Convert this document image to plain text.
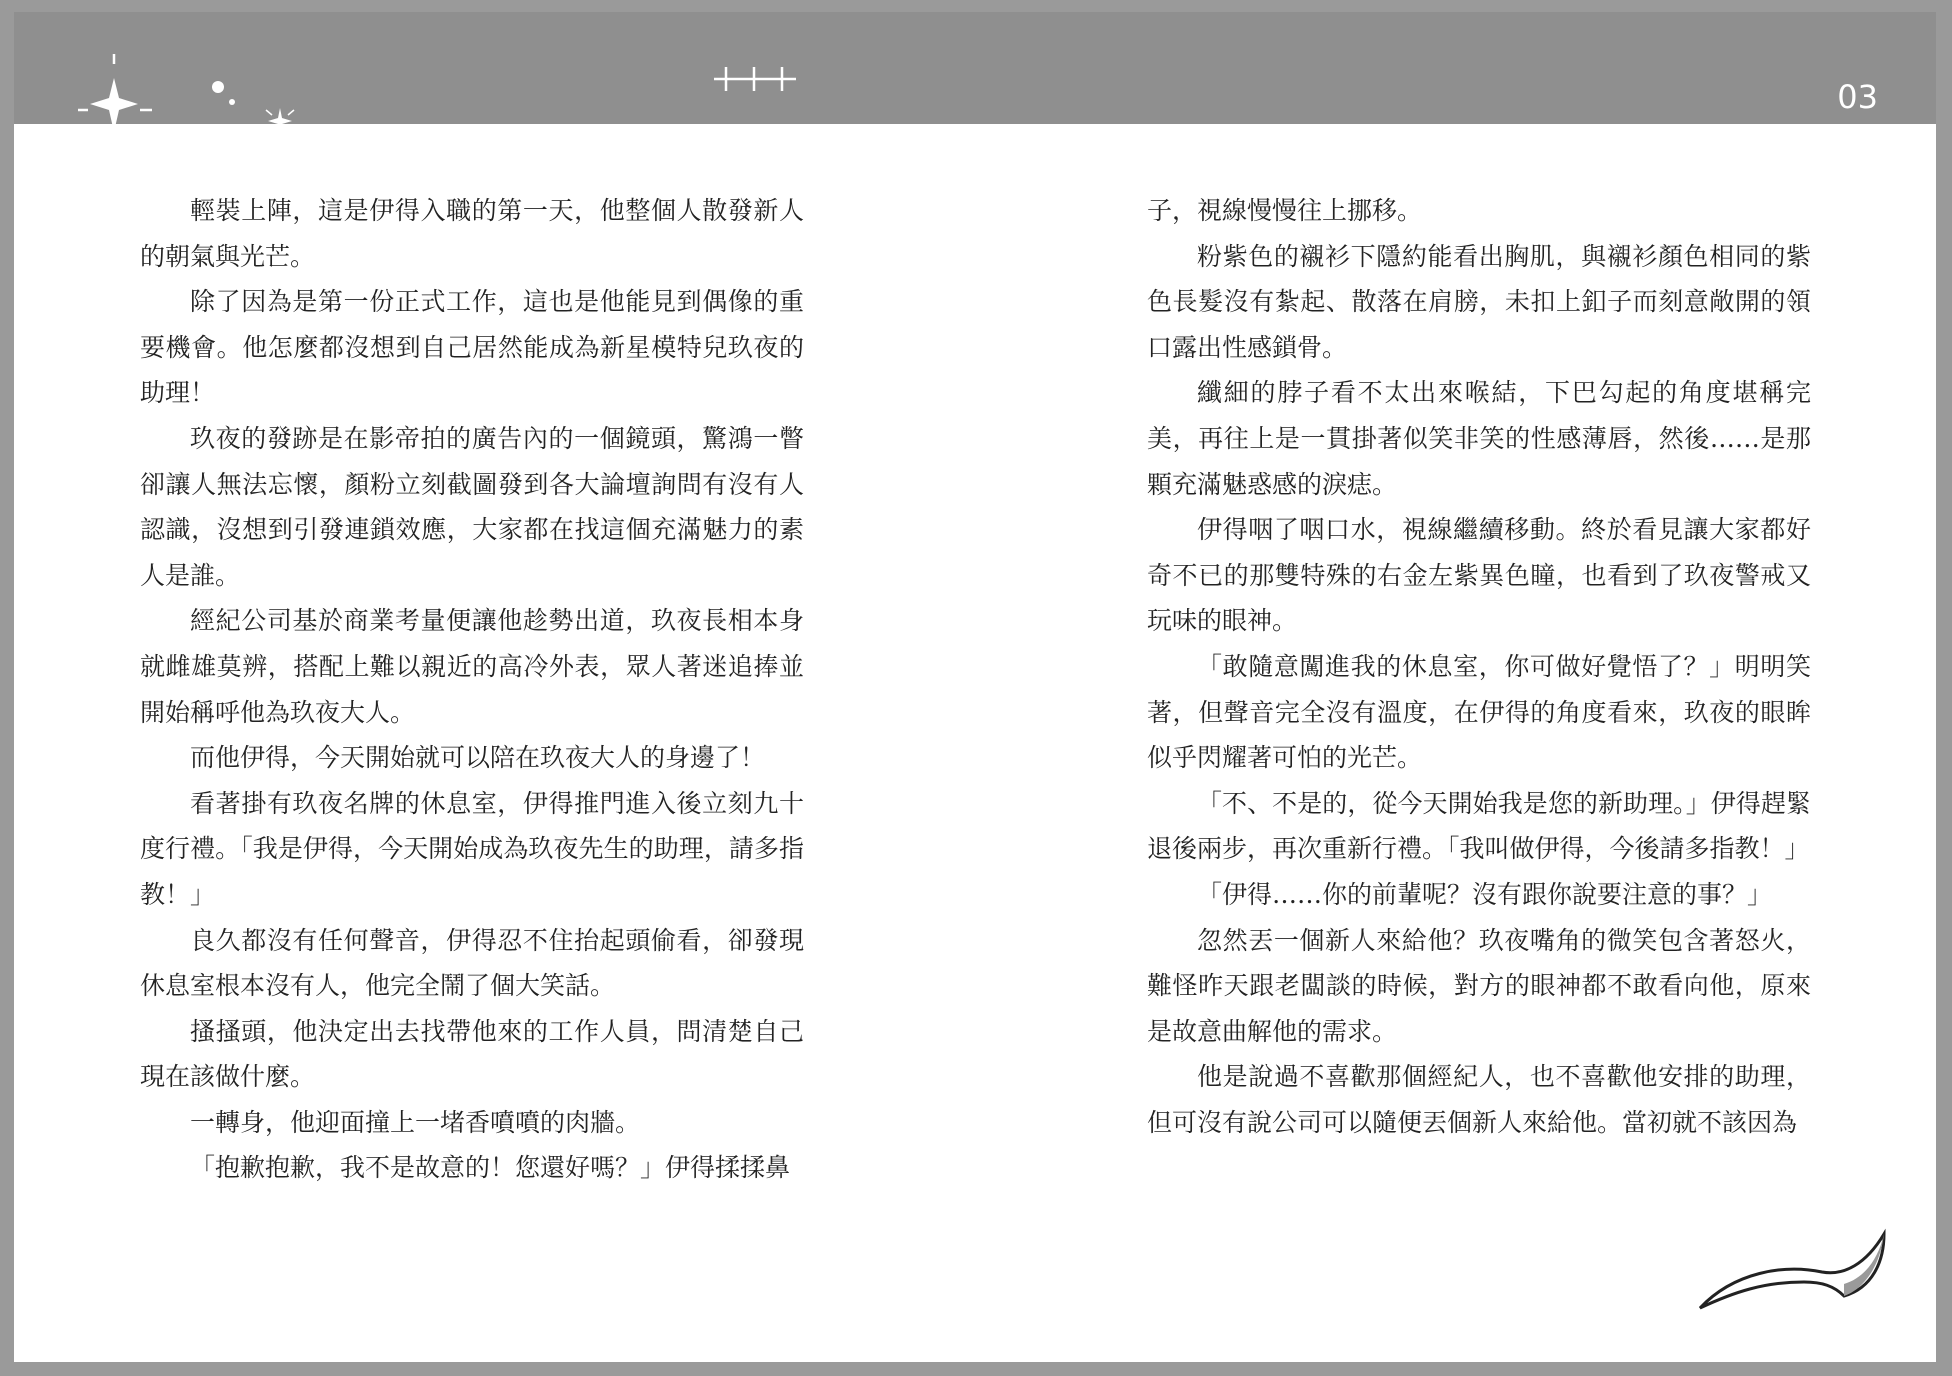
03

輕裝上陣，這是伊得入職的第一天，他整個人散發新人的朝氣與光芒。

除了因為是第一份正式工作，這也是他能見到偶像的重要機會。他怎麼都沒想到自己居然能成為新星模特兒玖夜的助理！

玖夜的發跡是在影帝拍的廣告內的一個鏡頭，驚鴻一瞥卻讓人無法忘懷，顏粉立刻截圖發到各大論壇詢問有沒有人認識，沒想到引發連鎖效應，大家都在找這個充滿魅力的素人是誰。

經紀公司基於商業考量便讓他趁勢出道，玖夜長相本身就雌雄莫辨，搭配上難以親近的高冷外表，眾人著迷追捧並開始稱呼他為玖夜大人。

而他伊得，今天開始就可以陪在玖夜大人的身邊了！

看著掛有玖夜名牌的休息室，伊得推門進入後立刻九十度行禮。「我是伊得，今天開始成為玖夜先生的助理，請多指教！」

良久都沒有任何聲音，伊得忍不住抬起頭偷看，卻發現休息室根本沒有人，他完全鬧了個大笑話。

搔搔頭，他決定出去找帶他來的工作人員，問清楚自己現在該做什麼。

一轉身，他迎面撞上一堵香噴噴的肉牆。

「抱歉抱歉，我不是故意的！您還好嗎？」伊得揉揉鼻

子，視線慢慢往上挪移。

粉紫色的襯衫下隱約能看出胸肌，與襯衫顏色相同的紫色長髮沒有紮起、散落在肩膀，未扣上釦子而刻意敞開的領口露出性感鎖骨。

纖細的脖子看不太出來喉結，下巴勾起的角度堪稱完美，再往上是一貫掛著似笑非笑的性感薄唇，然後……是那顆充滿魅惑感的淚痣。

伊得咽了咽口水，視線繼續移動。終於看見讓大家都好奇不已的那雙特殊的右金左紫異色瞳，也看到了玖夜警戒又玩味的眼神。

「敢隨意闖進我的休息室，你可做好覺悟了？」明明笑著，但聲音完全沒有溫度，在伊得的角度看來，玖夜的眼眸似乎閃耀著可怕的光芒。

「不、不是的，從今天開始我是您的新助理。」伊得趕緊退後兩步，再次重新行禮。「我叫做伊得，今後請多指教！」

「伊得……你的前輩呢？沒有跟你說要注意的事？」

忽然丟一個新人來給他？玖夜嘴角的微笑包含著怒火，難怪昨天跟老闆談的時候，對方的眼神都不敢看向他，原來是故意曲解他的需求。

他是說過不喜歡那個經紀人，也不喜歡他安排的助理，但可沒有說公司可以隨便丟個新人來給他。當初就不該因為
